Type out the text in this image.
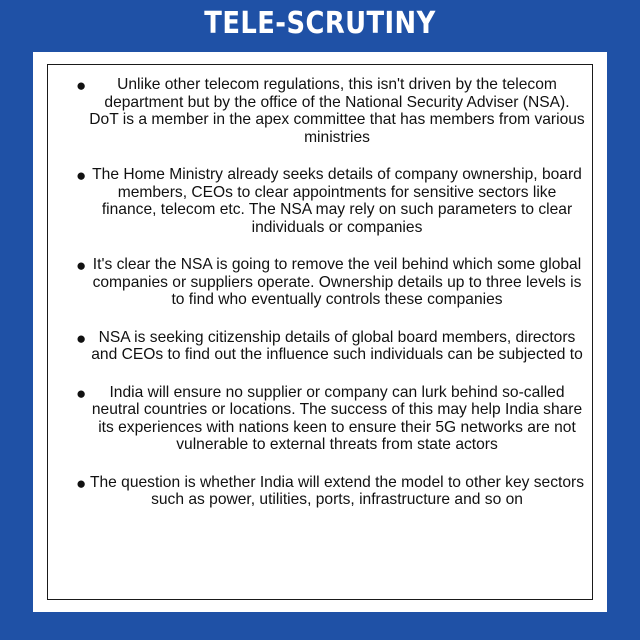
TELE-SCRUTINY
●	Unlike other telecom regulations, this isn't driven by the telecom department but by the office of the National Security Adviser (NSA). DoT is a member in the apex committee that has members from various ministries
● The Home Ministry already seeks details of company ownership, board members, CEOs to clear appointments for sensitive sectors like finance, telecom etc. The NSA may rely on such parameters to clear individuals or companies
● It's clear the NSA is going to remove the veil behind which some global companies or suppliers operate. Ownership details up to three levels is to find who eventually controls these companies
● NSA is seeking citizenship details of global board members, directors and CEOs to find out the influence such individuals can be subjected to
●	India will ensure no supplier or company can lurk behind so-called neutral countries or locations. The success of this may help India share its experiences with nations keen to ensure their 5G networks are not vulnerable to external threats from state actors
● The question is whether India will extend the model to other key sectors such as power, utilities, ports, infrastructure and so on
